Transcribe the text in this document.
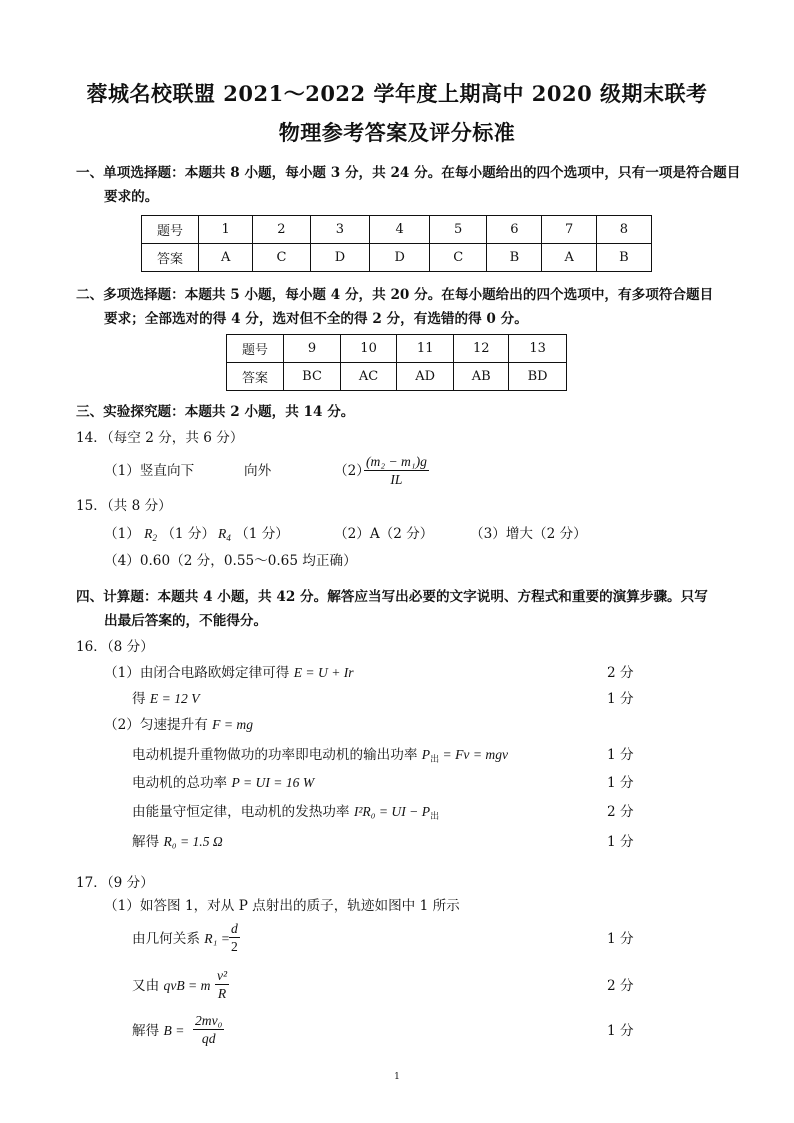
蓉城名校联盟 2021～2022 学年度上期高中 2020 级期末联考
物理参考答案及评分标准
一、单项选择题：本题共 8 小题，每小题 3 分，共 24 分。在每小题给出的四个选项中，只有一项是符合题目
要求的。
题号	1	2	3	4	5	6	7	8
答案	A	C	D	D	C	B	A	B
二、多项选择题：本题共 5 小题，每小题 4 分，共 20 分。在每小题给出的四个选项中，有多项符合题目
要求；全部选对的得 4 分，选对但不全的得 2 分，有选错的得 0 分。
题号	9	10	11	12	13
答案	BC	AC	AD	AB	BD
三、实验探究题：本题共 2 小题，共 14 分。
14．（每空 2 分，共 6 分）
（1）竖直向下	向外	（2）
$\frac{\text{(m₂ − m₁)g}}{IL}$
15．（共 8 分）
（1） $R_2$ （1 分） $R_4$ （1 分）	（2）A（2 分）	（3）增大（2 分）
（4）0.60（2 分，0.55～0.65 均正确）
四、计算题：本题共 4 小题，共 42 分。解答应当写出必要的文字说明、方程式和重要的演算步骤。只写
出最后答案的，不能得分。
16．（8 分）
（1）由闭合电路欧姆定律可得 E = U + Ir	2 分
得 E = 12 V	1 分
（2）匀速提升有 F = mg
电动机提升重物做功的功率即电动机的输出功率 $P_出 = Fv$ = mgv	1 分
电动机的总功率 P = UI = 16 W	1 分
由能量守恒定律，电动机的发热功率 I²R₀ = UI − $P_出$	2 分
解得 R₀ = 1.5 Ω	1 分
17．（9 分）
（1）如答图 1，对从 P 点射出的质子，轨迹如图中 1 所示
由几何关系 $R_1 = \frac{d}{2}$	1 分
又由 qvB = m $\frac{\text{v²}}{R}$	2 分
解得 $B = \frac{\text{2mv₀}}{qd}$	1 分
1
